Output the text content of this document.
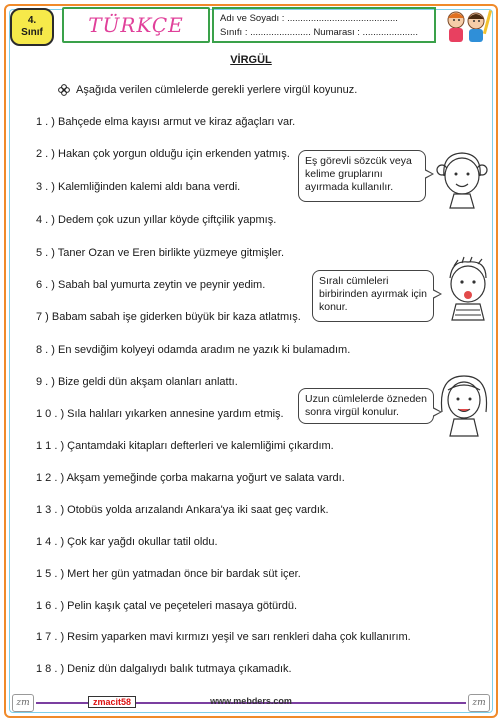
4.
Sınıf TÜRKÇE	Adı ve Soyadı : ..........................................
Sınıfı : ....................... Numarası : .....................
VİRGÜL
Aşağıda verilen cümlelerde gerekli yerlere virgül koyunuz.
1 . ) Bahçede elma kayısı armut ve kiraz ağaçları var.
2 . ) Hakan çok yorgun olduğu için erkenden yatmış.
3 . ) Kalemliğinden kalemi aldı bana verdi.
4 . ) Dedem çok uzun yıllar köyde çiftçilik yapmış.
5 . ) Taner Ozan ve Eren birlikte yüzmeye gitmişler.
6 . ) Sabah bal yumurta zeytin ve peynir yedim.
7 ) Babam sabah işe giderken büyük bir kaza atlatmış.
8 . ) En sevdiğim kolyeyi odamda aradım ne yazık ki bulamadım.
9 . ) Bize geldi dün akşam olanları anlattı.
1 0 . ) Sıla halıları yıkarken annesine yardım etmiş.
1 1 . ) Çantamdaki kitapları defterleri ve kalemliğimi çıkardım.
1 2 . ) Akşam yemeğinde çorba makarna yoğurt ve salata vardı.
1 3 . ) Otobüs yolda arızalandı Ankara'ya iki saat geç vardık.
1 4 . ) Çok kar yağdı okullar tatil oldu.
1 5 . ) Mert her gün yatmadan önce bir bardak süt içer.
1 6 . ) Pelin kaşık çatal ve peçeteleri masaya götürdü.
1 7 . ) Resim yaparken mavi kırmızı yeşil ve sarı renkleri daha çok kullanırım.
1 8 . ) Deniz dün dalgalıydı balık tutmaya çıkamadık.
Eş görevli sözcük veya kelime gruplarını ayırmada kullanılır.
Sıralı cümleleri birbirinden ayırmak için konur.
Uzun cümlelerde özneden sonra virgül konulur.
zm	zmacit58	www.mebders.com	zm
